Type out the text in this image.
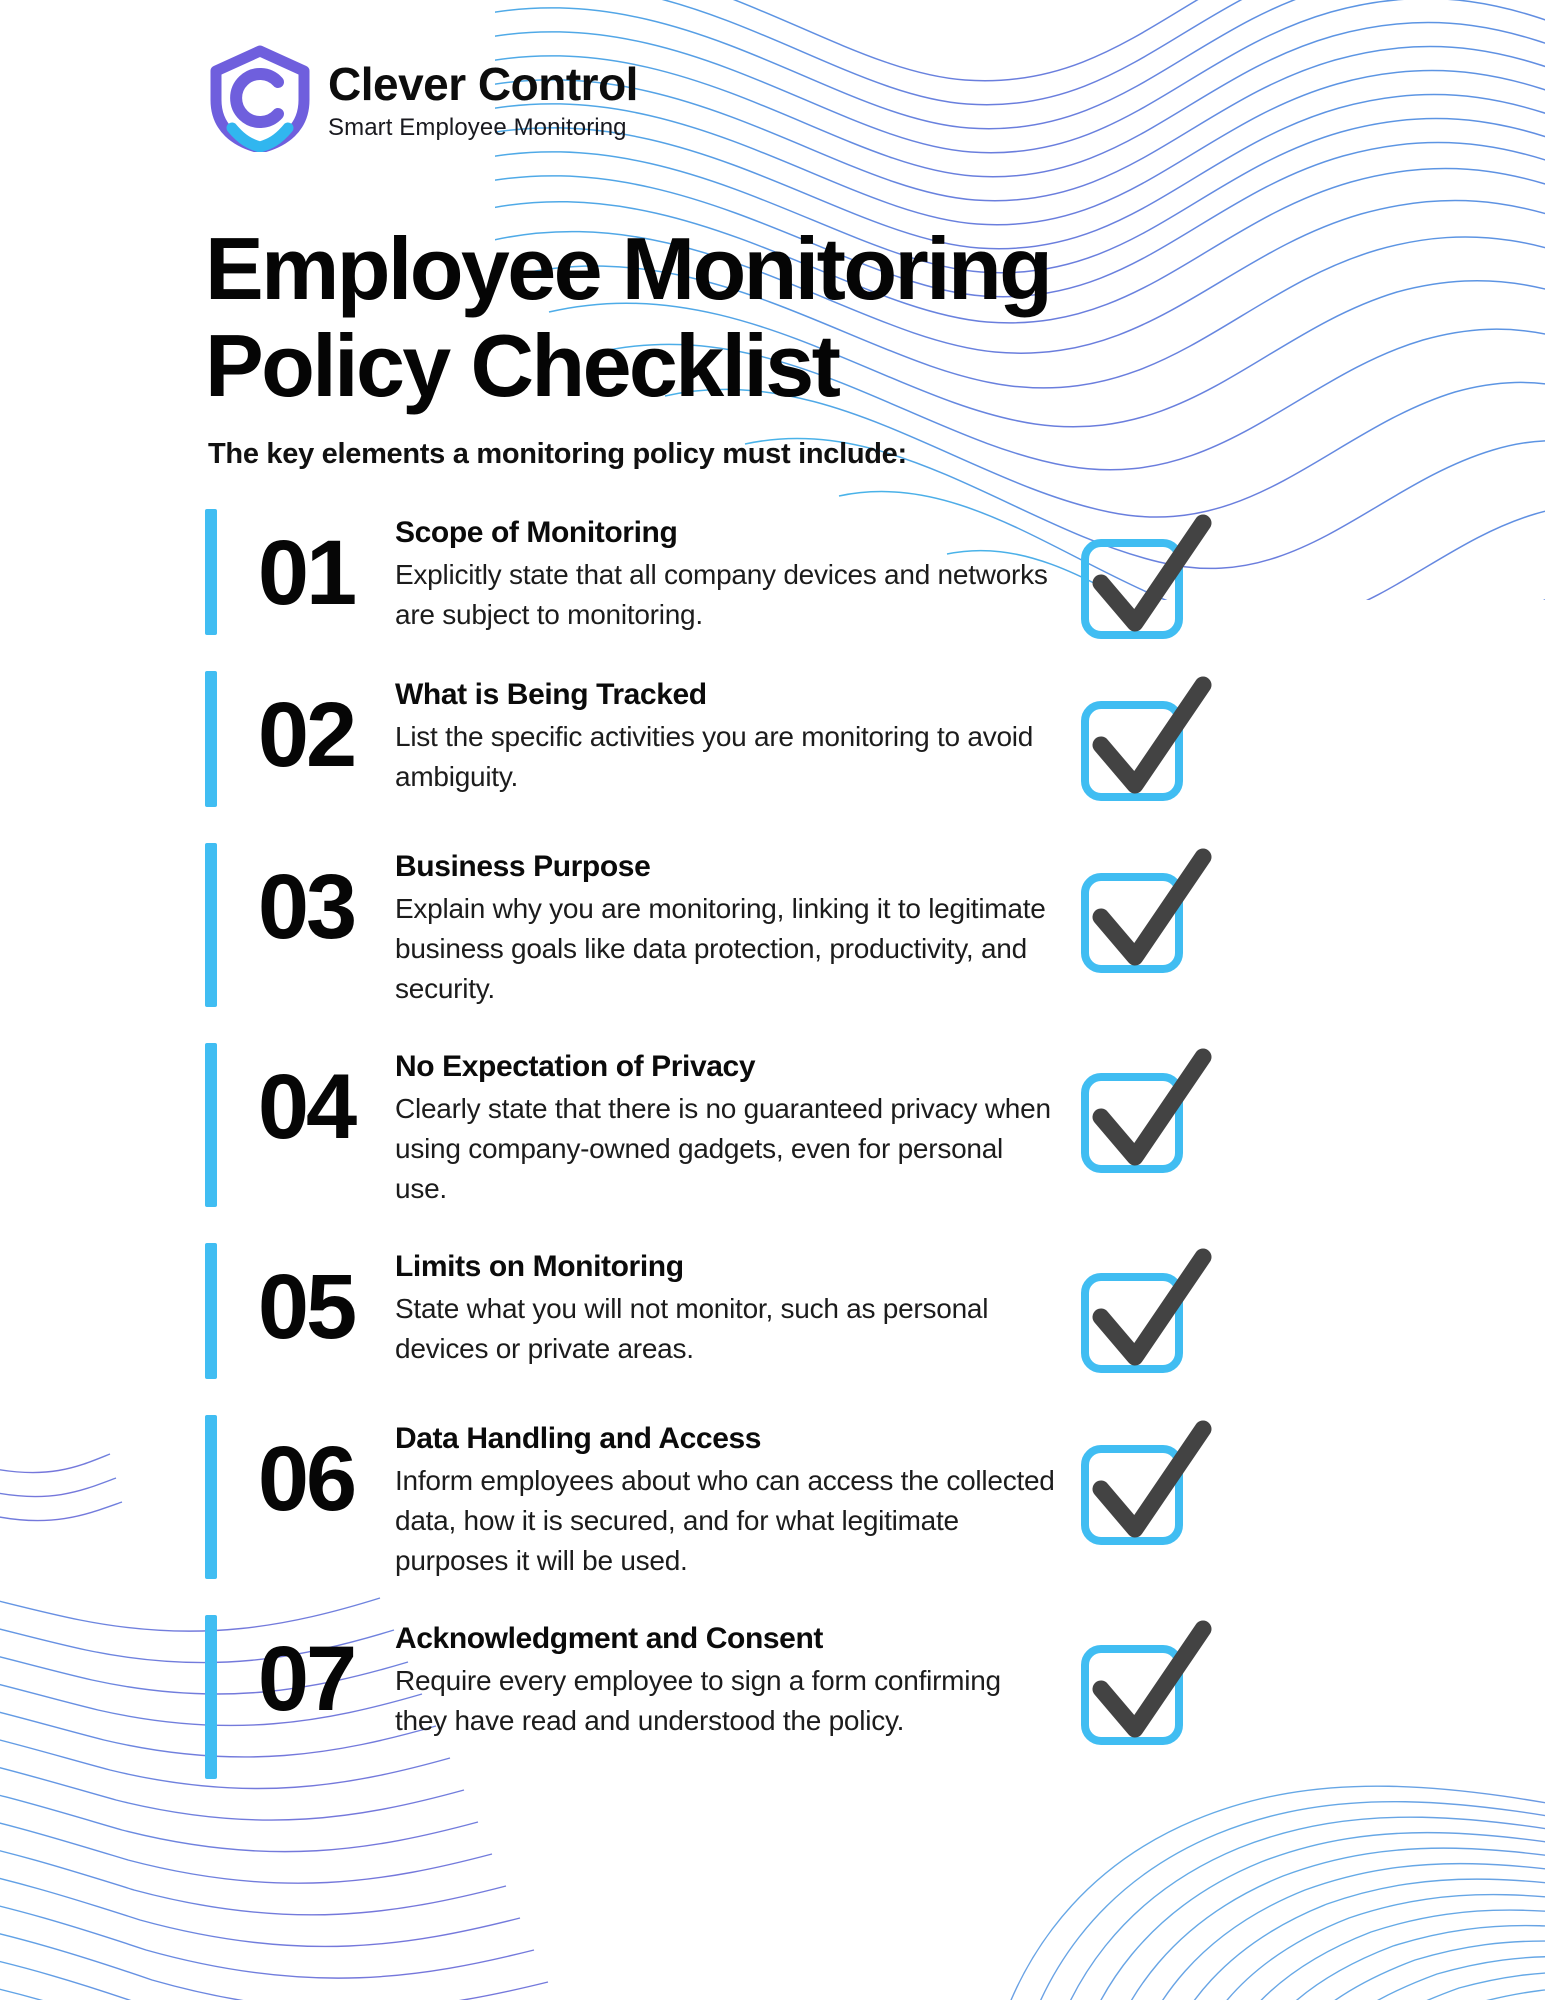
Clever Control
Smart Employee Monitoring
Employee Monitoring
Policy Checklist
The key elements a monitoring policy must include:
01	Scope of Monitoring
Explicitly state that all company devices and networks are subject to monitoring.
02	What is Being Tracked
List the specific activities you are monitoring to avoid ambiguity.
03	Business Purpose
Explain why you are monitoring, linking it to legitimate business goals like data protection, productivity, and security.
04	No Expectation of Privacy
Clearly state that there is no guaranteed privacy when using company-owned gadgets, even for personal use.
05	Limits on Monitoring
State what you will not monitor, such as personal devices or private areas.
06	Data Handling and Access
Inform employees about who can access the collected data, how it is secured, and for what legitimate purposes it will be used.
07	Acknowledgment and Consent
Require every employee to sign a form confirming they have read and understood the policy.
